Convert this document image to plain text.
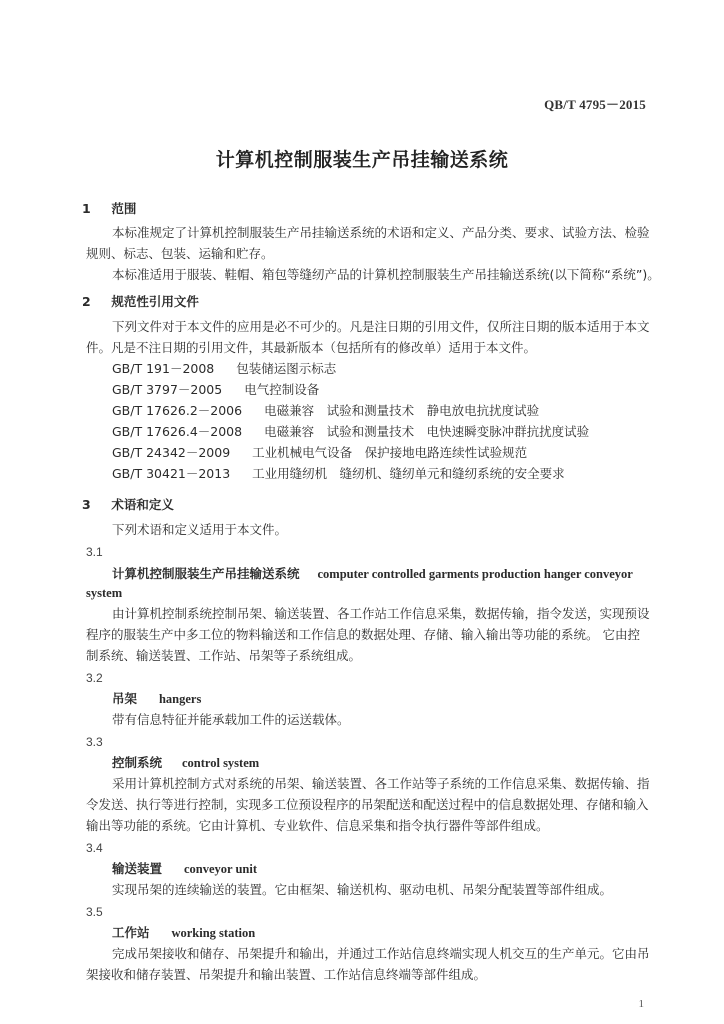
QB/T 4795－2015
计算机控制服装生产吊挂输送系统
1 范围
本标准规定了计算机控制服装生产吊挂输送系统的术语和定义、产品分类、要求、试验方法、检验
规则、标志、包装、运输和贮存。
本标准适用于服装、鞋帽、箱包等缝纫产品的计算机控制服装生产吊挂输送系统(以下简称“系统”)。
2 规范性引用文件
下列文件对于本文件的应用是必不可少的。凡是注日期的引用文件，仅所注日期的版本适用于本文
件。凡是不注日期的引用文件，其最新版本（包括所有的修改单）适用于本文件。
GB/T 191－2008 包装储运图示标志
GB/T 3797－2005 电气控制设备
GB/T 17626.2－2006 电磁兼容　试验和测量技术　静电放电抗扰度试验
GB/T 17626.4－2008 电磁兼容　试验和测量技术　电快速瞬变脉冲群抗扰度试验
GB/T 24342－2009 工业机械电气设备　保护接地电路连续性试验规范
GB/T 30421－2013 工业用缝纫机　缝纫机、缝纫单元和缝纫系统的安全要求
3 术语和定义
下列术语和定义适用于本文件。
3.1
计算机控制服装生产吊挂输送系统 computer controlled garments production hanger conveyor
system
由计算机控制系统控制吊架、输送装置、各工作站工作信息采集，数据传输，指令发送，实现预设
程序的服装生产中多工位的物料输送和工作信息的数据处理、存储、输入输出等功能的系统。 它由控
制系统、输送装置、工作站、吊架等子系统组成。
3.2
吊架 hangers
带有信息特征并能承载加工件的运送载体。
3.3
控制系统 control system
采用计算机控制方式对系统的吊架、输送装置、各工作站等子系统的工作信息采集、数据传输、指
令发送、执行等进行控制，实现多工位预设程序的吊架配送和配送过程中的信息数据处理、存储和输入
输出等功能的系统。它由计算机、专业软件、信息采集和指令执行器件等部件组成。
3.4
输送装置 conveyor unit
实现吊架的连续输送的装置。它由框架、输送机构、驱动电机、吊架分配装置等部件组成。
3.5
工作站 working station
完成吊架接收和储存、吊架提升和输出，并通过工作站信息终端实现人机交互的生产单元。它由吊
架接收和储存装置、吊架提升和输出装置、工作站信息终端等部件组成。
1
